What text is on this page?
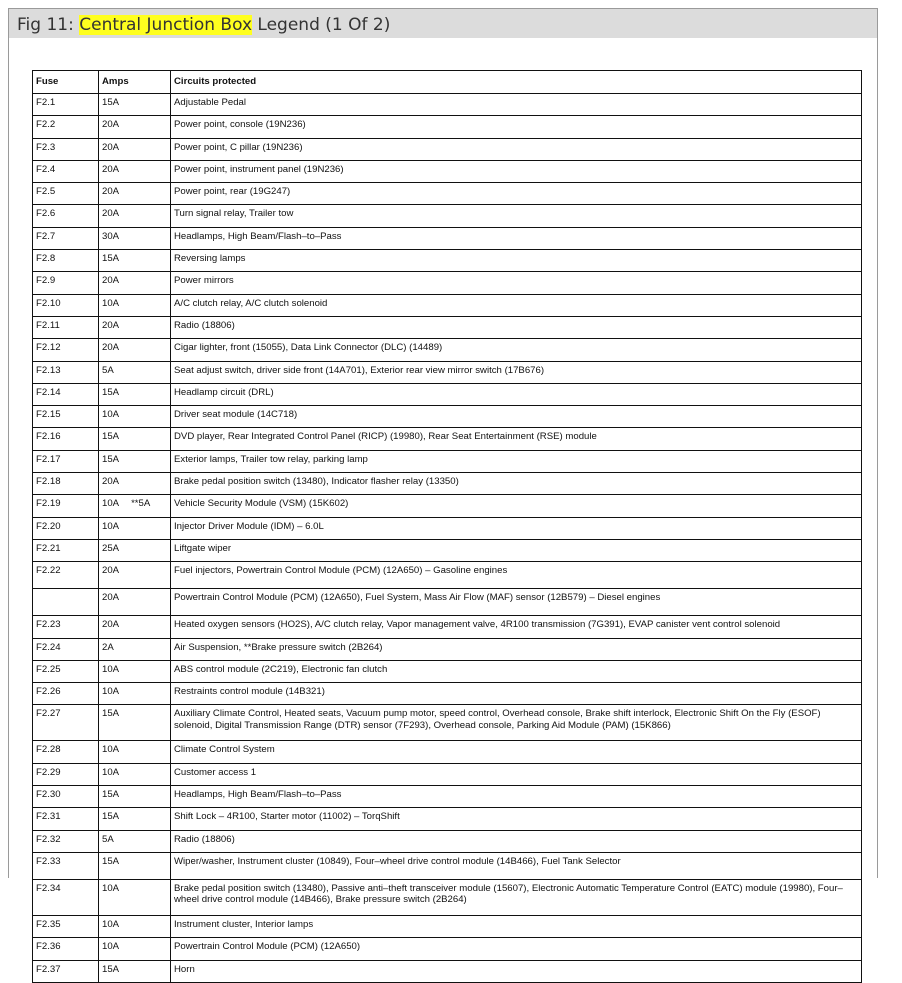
Fig 11: Central Junction Box Legend (1 Of 2)
Fuse	Amps	Circuits protected
F2.1	15A	Adjustable Pedal
F2.2	20A	Power point, console (19N236)
F2.3	20A	Power point, C pillar (19N236)
F2.4	20A	Power point, instrument panel (19N236)
F2.5	20A	Power point, rear (19G247)
F2.6	20A	Turn signal relay, Trailer tow
F2.7	30A	Headlamps, High Beam/Flash–to–Pass
F2.8	15A	Reversing lamps
F2.9	20A	Power mirrors
F2.10	10A	A/C clutch relay, A/C clutch solenoid
F2.11	20A	Radio (18806)
F2.12	20A	Cigar lighter, front (15055), Data Link Connector (DLC) (14489)
F2.13	5A	Seat adjust switch, driver side front (14A701), Exterior rear view mirror switch (17B676)
F2.14	15A	Headlamp circuit (DRL)
F2.15	10A	Driver seat module (14C718)
F2.16	15A	DVD player, Rear Integrated Control Panel (RICP) (19980), Rear Seat Entertainment (RSE) module
F2.17	15A	Exterior lamps, Trailer tow relay, parking lamp
F2.18	20A	Brake pedal position switch (13480), Indicator flasher relay (13350)
F2.19	10A **5A	Vehicle Security Module (VSM) (15K602)
F2.20	10A	Injector Driver Module (IDM) – 6.0L
F2.21	25A	Liftgate wiper
F2.22	20A	Fuel injectors, Powertrain Control Module (PCM) (12A650) – Gasoline engines
	20A	Powertrain Control Module (PCM) (12A650), Fuel System, Mass Air Flow (MAF) sensor (12B579) – Diesel engines
F2.23	20A	Heated oxygen sensors (HO2S), A/C clutch relay, Vapor management valve, 4R100 transmission (7G391), EVAP canister vent control solenoid
F2.24	2A	Air Suspension, **Brake pressure switch (2B264)
F2.25	10A	ABS control module (2C219), Electronic fan clutch
F2.26	10A	Restraints control module (14B321)
F2.27	15A	Auxiliary Climate Control, Heated seats, Vacuum pump motor, speed control, Overhead console, Brake shift interlock, Electronic Shift On the Fly (ESOF) solenoid, Digital Transmission Range (DTR) sensor (7F293), Overhead console, Parking Aid Module (PAM) (15K866)
F2.28	10A	Climate Control System
F2.29	10A	Customer access 1
F2.30	15A	Headlamps, High Beam/Flash–to–Pass
F2.31	15A	Shift Lock – 4R100, Starter motor (11002) – TorqShift
F2.32	5A	Radio (18806)
F2.33	15A	Wiper/washer, Instrument cluster (10849), Four–wheel drive control module (14B466), Fuel Tank Selector
F2.34	10A	Brake pedal position switch (13480), Passive anti–theft transceiver module (15607), Electronic Automatic Temperature Control (EATC) module (19980), Four–wheel drive control module (14B466), Brake pressure switch (2B264)
F2.35	10A	Instrument cluster, Interior lamps
F2.36	10A	Powertrain Control Module (PCM) (12A650)
F2.37	15A	Horn
